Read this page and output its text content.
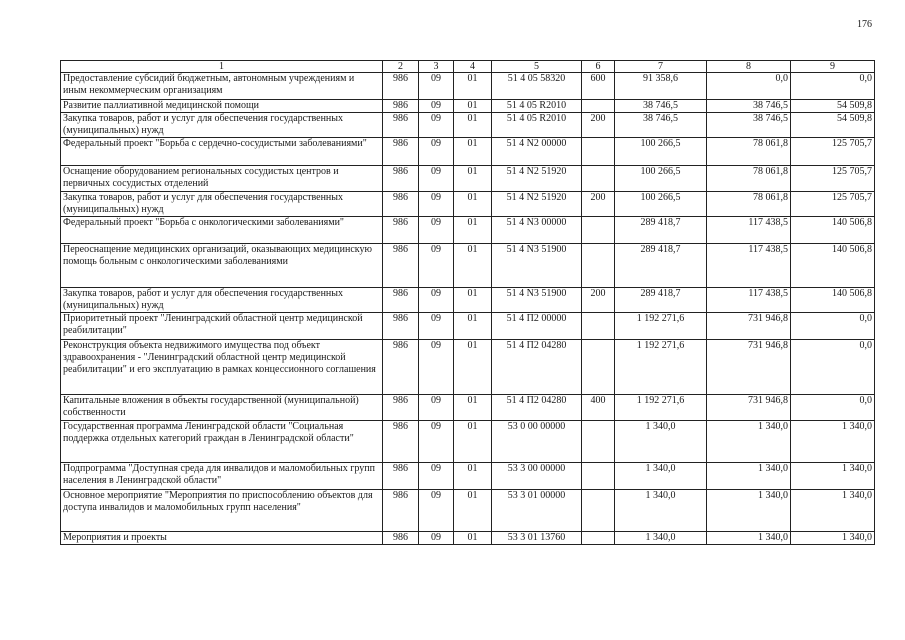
176
1	2	3	4	5	6	7	8	9
Предоставление субсидий бюджетным, автономным учреждениям и иным некоммерческим организациям	986	09	01	51 4 05 58320	600	91 358,6	0,0	0,0
Развитие паллиативной медицинской помощи	986	09	01	51 4 05 R2010		38 746,5	38 746,5	54 509,8
Закупка товаров, работ и услуг для обеспечения государственных (муниципальных) нужд	986	09	01	51 4 05 R2010	200	38 746,5	38 746,5	54 509,8
Федеральный проект "Борьба с сердечно-сосудистыми заболеваниями"	986	09	01	51 4 N2 00000		100 266,5	78 061,8	125 705,7
Оснащение оборудованием региональных сосудистых центров и первичных сосудистых отделений	986	09	01	51 4 N2 51920		100 266,5	78 061,8	125 705,7
Закупка товаров, работ и услуг для обеспечения государственных (муниципальных) нужд	986	09	01	51 4 N2 51920	200	100 266,5	78 061,8	125 705,7
Федеральный проект "Борьба с онкологическими заболеваниями"	986	09	01	51 4 N3 00000		289 418,7	117 438,5	140 506,8
Переоснащение медицинских организаций, оказывающих медицинскую помощь больным с онкологическими заболеваниями	986	09	01	51 4 N3 51900		289 418,7	117 438,5	140 506,8
Закупка товаров, работ и услуг для обеспечения государственных (муниципальных) нужд	986	09	01	51 4 N3 51900	200	289 418,7	117 438,5	140 506,8
Приоритетный проект "Ленинградский областной центр медицинской реабилитации"	986	09	01	51 4 П2 00000		1 192 271,6	731 946,8	0,0
Реконструкция объекта недвижимого имущества под объект здравоохранения - "Ленинградский областной центр медицинской реабилитации" и его эксплуатацию в рамках концессионного соглашения	986	09	01	51 4 П2 04280		1 192 271,6	731 946,8	0,0
Капитальные вложения в объекты государственной (муниципальной) собственности	986	09	01	51 4 П2 04280	400	1 192 271,6	731 946,8	0,0
Государственная программа Ленинградской области "Социальная поддержка отдельных категорий граждан в Ленинградской области"	986	09	01	53 0 00 00000		1 340,0	1 340,0	1 340,0
Подпрограмма "Доступная среда для инвалидов и маломобильных групп населения в Ленинградской области"	986	09	01	53 3 00 00000		1 340,0	1 340,0	1 340,0
Основное мероприятие "Мероприятия по приспособлению объектов для доступа инвалидов и маломобильных групп населения"	986	09	01	53 3 01 00000		1 340,0	1 340,0	1 340,0
Мероприятия и проекты	986	09	01	53 3 01 13760		1 340,0	1 340,0	1 340,0
